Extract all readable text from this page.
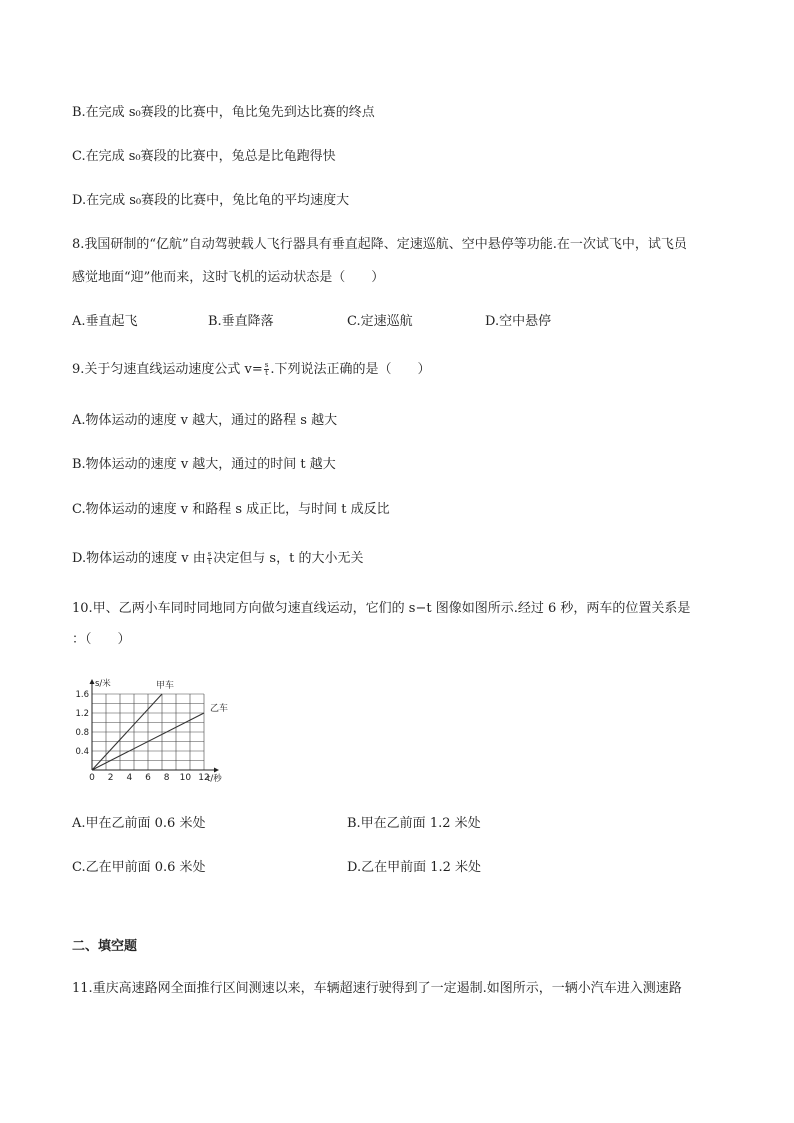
B.在完成 s₀赛段的比赛中，龟比兔先到达比赛的终点
C.在完成 s₀赛段的比赛中，兔总是比龟跑得快
D.在完成 s₀赛段的比赛中，兔比龟的平均速度大
8.我国研制的“亿航”自动驾驶载人飞行器具有垂直起降、定速巡航、空中悬停等功能.在一次试飞中，试飞员
感觉地面“迎”他而来，这时飞机的运动状态是（　　）
A.垂直起飞	B.垂直降落	C.定速巡航	D.空中悬停
9.关于匀速直线运动速度公式 $v= \frac{s}{t}$ .下列说法正确的是（　　）
A.物体运动的速度 v 越大，通过的路程 s 越大
B.物体运动的速度 v 越大，通过的时间 t 越大
C.物体运动的速度 v 和路程 s 成正比，与时间 t 成反比
D.物体运动的速度 v 由 $\frac{s}{t}$ 决定但与 s，t 的大小无关
10.甲、乙两小车同时同地同方向做匀速直线运动，它们的 s−t 图像如图所示.经过 6 秒，两车的位置关系是
：（　　）
0 2 4 6 8 10 12
0.4
0.8
1.2
1.6
t/秒
s/米	甲车
乙车
A.甲在乙前面 0.6 米处	B.甲在乙前面 1.2 米处
C.乙在甲前面 0.6 米处	D.乙在甲前面 1.2 米处
二、填空题
11.重庆高速路网全面推行区间测速以来，车辆超速行驶得到了一定遏制.如图所示，一辆小汽车进入测速路
